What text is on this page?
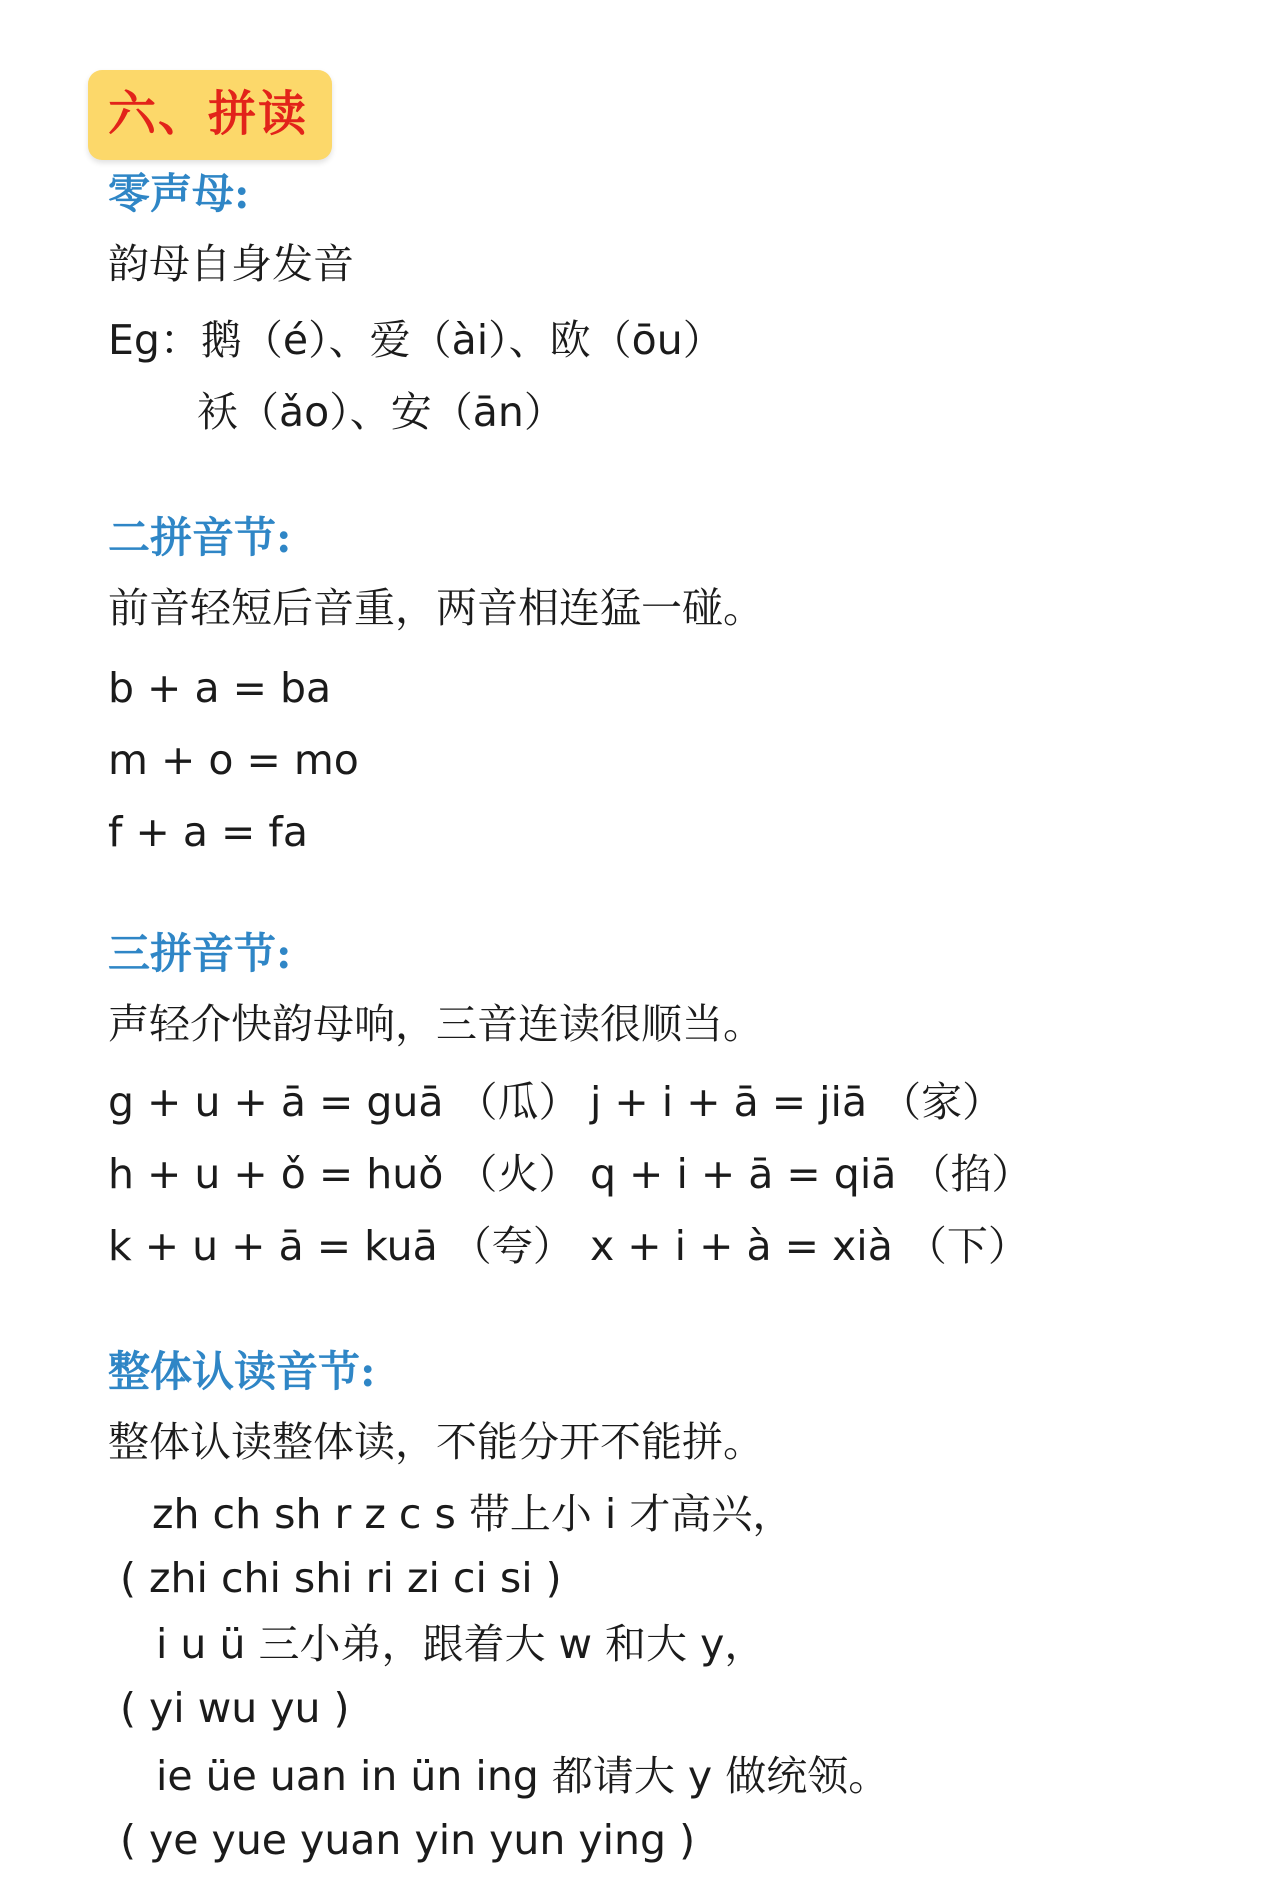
六、拼读
零声母:
韵母自身发音
Eg：鹅（é）、爱（ài）、欧（ōu）
袄（ǎo）、安（ān）
二拼音节:
前音轻短后音重，两音相连猛一碰。
b + a = ba
m + o = mo
f + a = fa
三拼音节:
声轻介快韵母响，三音连读很顺当。
g + u + ā = guā （瓜）
h + u + ǒ = huǒ （火）
k + u + ā = kuā （夸）
j + i + ā = jiā （家）
q + i + ā = qiā （掐）
x + i + à = xià （下）
整体认读音节:
整体认读整体读，不能分开不能拼。
zh ch sh r z c s 带上小 i 才高兴，
( zhi chi shi ri zi ci si )
i u ü 三小弟，跟着大 w 和大 y，
( yi wu yu )
ie üe uan in ün ing 都请大 y 做统领。
( ye yue yuan yin yun ying )
